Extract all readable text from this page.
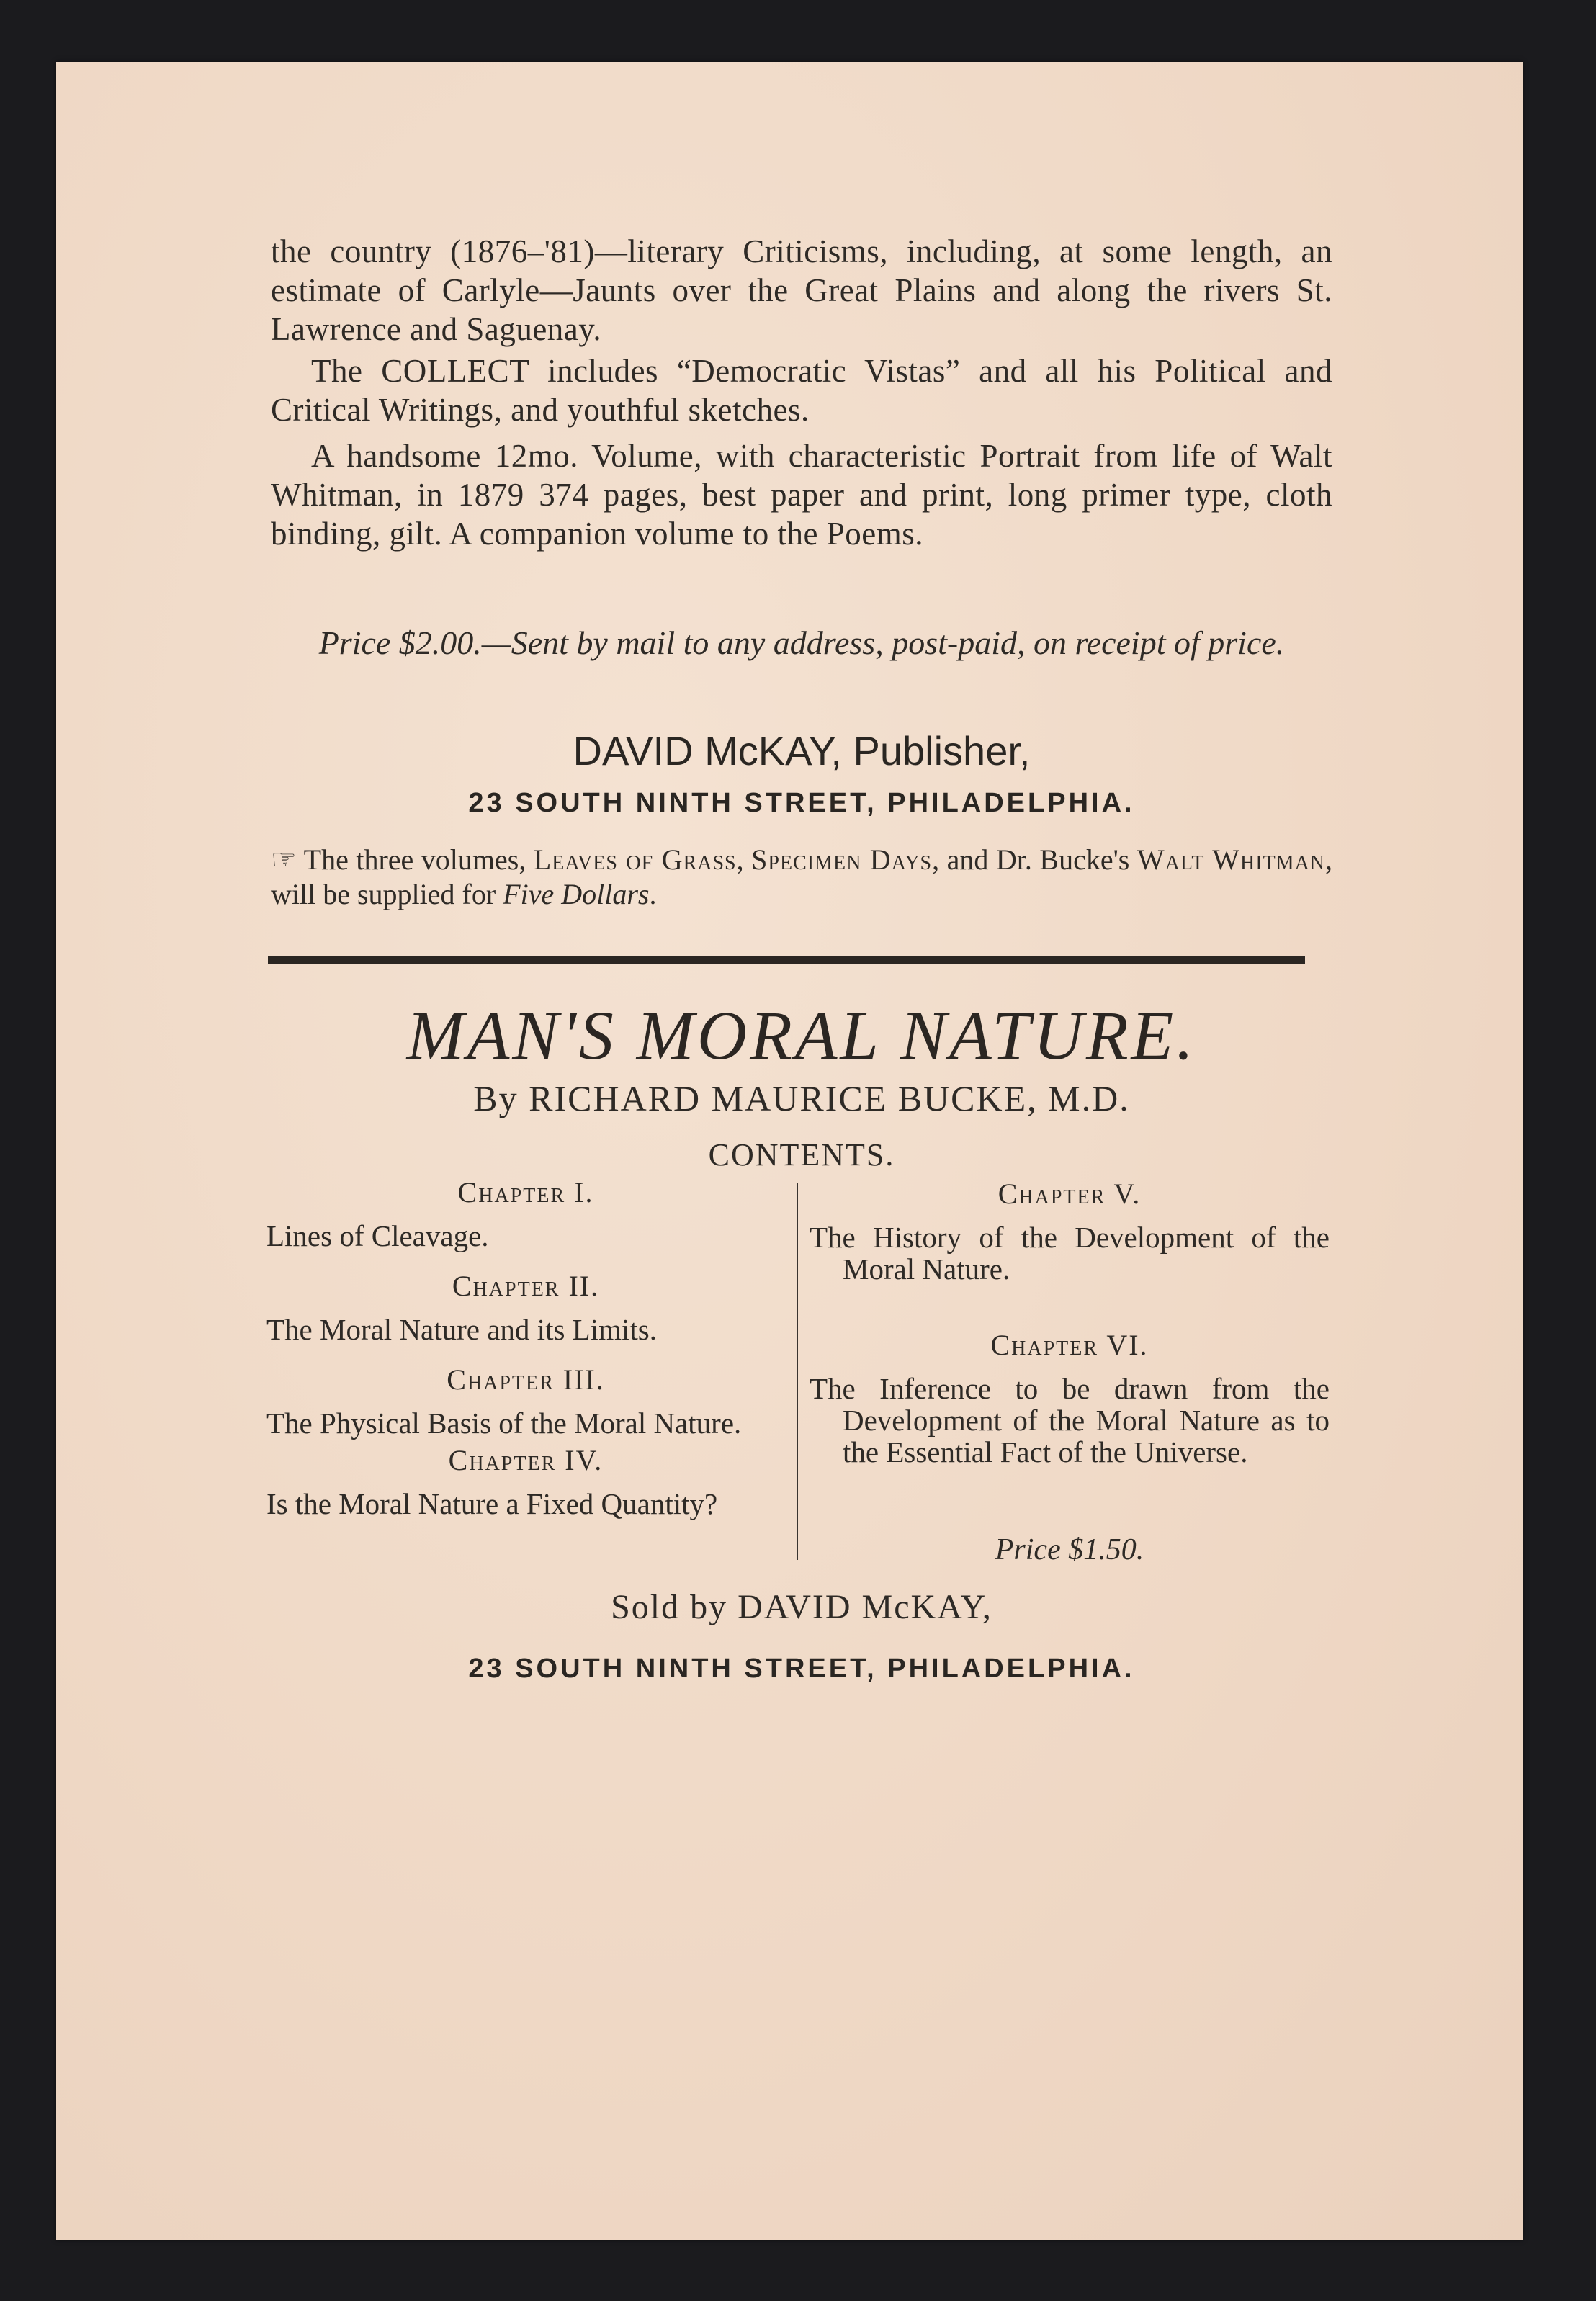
the country (1876–'81)—literary Criticisms, including, at some length, an estimate of Carlyle—Jaunts over the Great Plains and along the rivers St. Lawrence and Saguenay.

The COLLECT includes “Democratic Vistas” and all his Political and Critical Writings, and youthful sketches.

A handsome 12mo. Volume, with characteristic Portrait from life of Walt Whitman, in 1879 374 pages, best paper and print, long primer type, cloth binding, gilt. A companion volume to the Poems.

Price $2.00.—Sent by mail to any address, post-paid, on receipt of price.
DAVID McKAY, Publisher,
23 SOUTH NINTH STREET, PHILADELPHIA.
☞ The three volumes, Leaves of Grass, Specimen Days, and Dr. Bucke's Walt Whitman, will be supplied for Five Dollars.
MAN'S MORAL NATURE.
By RICHARD MAURICE BUCKE, M.D.
CONTENTS.
Chapter I.

Lines of Cleavage.

Chapter II.

The Moral Nature and its Limits.

Chapter III.

The Physical Basis of the Moral Nature.

Chapter IV.

Is the Moral Nature a Fixed Quantity?

Chapter V.

The History of the Development of the Moral Nature.

Chapter VI.

The Inference to be drawn from the Development of the Moral Nature as to the Essential Fact of the Universe.

Price $1.50.
Sold by DAVID McKAY,
23 SOUTH NINTH STREET, PHILADELPHIA.
